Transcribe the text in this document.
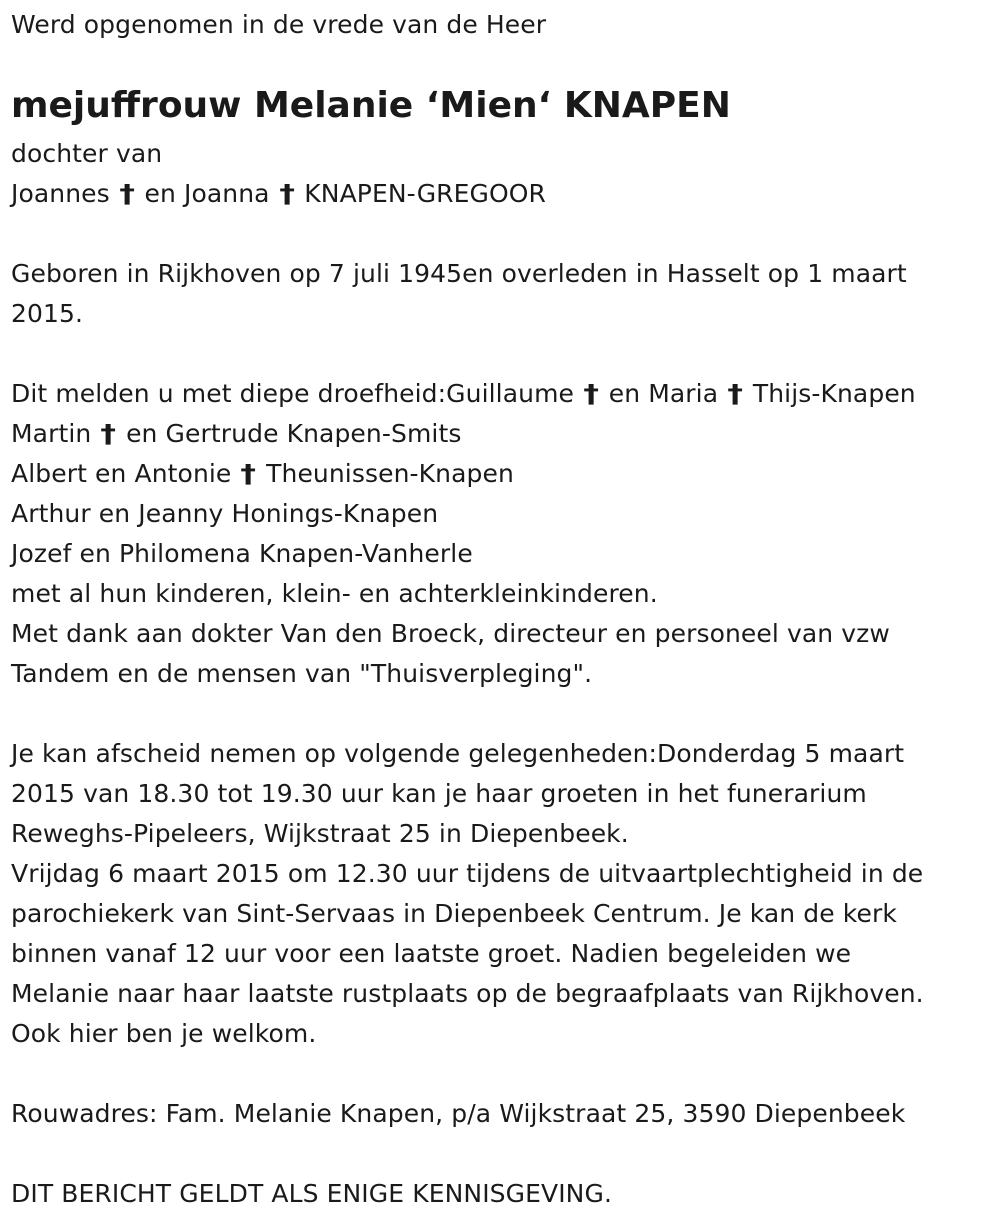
Werd opgenomen in de vrede van de Heer
mejuffrouw Melanie ‘Mien‘ KNAPEN
dochter van
Joannes † en Joanna † KNAPEN-GREGOOR
Geboren in Rijkhoven op 7 juli 1945en overleden in Hasselt op 1 maart
2015.
Dit melden u met diepe droefheid:Guillaume † en Maria † Thijs-Knapen
Martin † en Gertrude Knapen-Smits
Albert en Antonie † Theunissen-Knapen
Arthur en Jeanny Honings-Knapen
Jozef en Philomena Knapen-Vanherle
met al hun kinderen, klein- en achterkleinkinderen.
Met dank aan dokter Van den Broeck, directeur en personeel van vzw
Tandem en de mensen van "Thuisverpleging".
Je kan afscheid nemen op volgende gelegenheden:Donderdag 5 maart
2015 van 18.30 tot 19.30 uur kan je haar groeten in het funerarium
Reweghs-Pipeleers, Wijkstraat 25 in Diepenbeek.
Vrijdag 6 maart 2015 om 12.30 uur tijdens de uitvaartplechtigheid in de
parochiekerk van Sint-Servaas in Diepenbeek Centrum. Je kan de kerk
binnen vanaf 12 uur voor een laatste groet. Nadien begeleiden we
Melanie naar haar laatste rustplaats op de begraafplaats van Rijkhoven.
Ook hier ben je welkom.
Rouwadres: Fam. Melanie Knapen, p/a Wijkstraat 25, 3590 Diepenbeek
DIT BERICHT GELDT ALS ENIGE KENNISGEVING.
